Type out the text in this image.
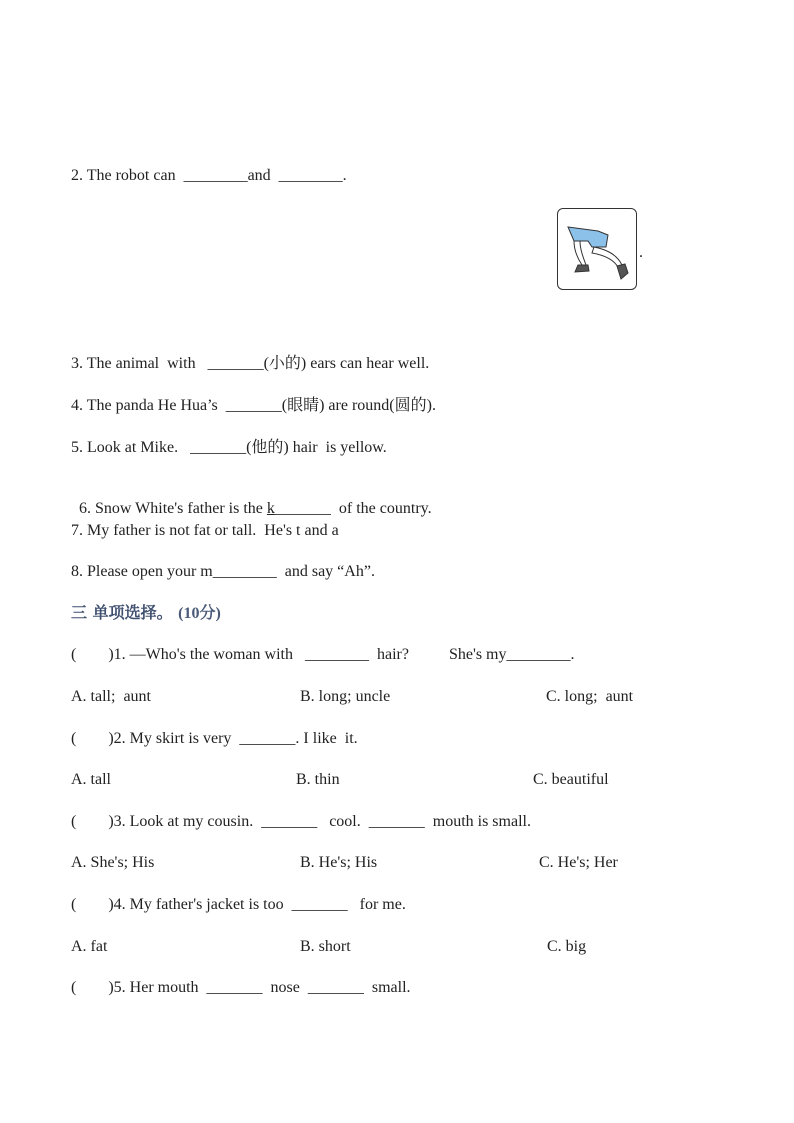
2. The robot can  ________and  ________.
.
3. The animal  with   _______(小的) ears can hear well.
4. The panda He Hua’s  _______(眼睛) are round(圆的).
5. Look at Mike.   _______(他的) hair  is yellow.

6. Snow White's father is the k_______  of the country.

7. My father is not fat or tall.  He's t and a
8. Please open your m________  and say “Ah”.
三 单项选择。 (10分)
(        )1. —Who's the woman with   ________  hair?          She's my________.
A. tall;  aunt	B. long; uncle	C. long;  aunt
(        )2. My skirt is very  _______. I like  it.
A. tall	B. thin	C. beautiful
(        )3. Look at my cousin.  _______   cool.  _______  mouth is small.
A. She's; His	B. He's; His	C. He's; Her
(        )4. My father's jacket is too  _______   for me.
A. fat	B. short	C. big
(        )5. Her mouth  _______  nose  _______  small.
